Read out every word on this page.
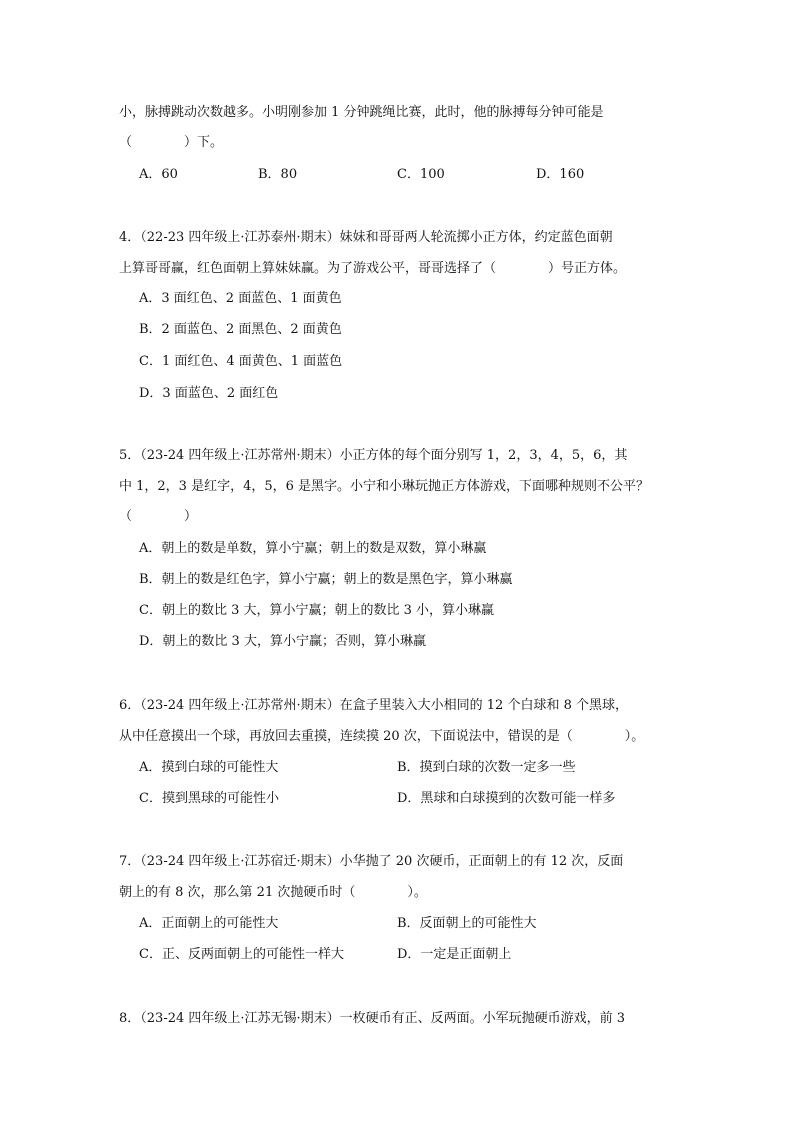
小，脉搏跳动次数越多。小明刚参加 1 分钟跳绳比赛，此时，他的脉搏每分钟可能是
（　　　　）下。
A．60	B．80	C．100	D．160
4．（22-23 四年级上·江苏泰州·期末）妹妹和哥哥两人轮流掷小正方体，约定蓝色面朝
上算哥哥赢，红色面朝上算妹妹赢。为了游戏公平，哥哥选择了（　　　　）号正方体。
A．3 面红色、2 面蓝色、1 面黄色
B．2 面蓝色、2 面黑色、2 面黄色
C．1 面红色、4 面黄色、1 面蓝色
D．3 面蓝色、2 面红色
5．（23-24 四年级上·江苏常州·期末）小正方体的每个面分别写 1，2，3，4，5，6，其
中 1，2，3 是红字，4，5，6 是黑字。小宁和小琳玩抛正方体游戏，下面哪种规则不公平？
（　　　　）
A．朝上的数是单数，算小宁赢；朝上的数是双数，算小琳赢
B．朝上的数是红色字，算小宁赢；朝上的数是黑色字，算小琳赢
C．朝上的数比 3 大，算小宁赢；朝上的数比 3 小，算小琳赢
D．朝上的数比 3 大，算小宁赢；否则，算小琳赢
6．（23-24 四年级上·江苏常州·期末）在盒子里装入大小相同的 12 个白球和 8 个黑球，
从中任意摸出一个球，再放回去重摸，连续摸 20 次，下面说法中，错误的是（　　　　）。
A．摸到白球的可能性大	B．摸到白球的次数一定多一些
C．摸到黑球的可能性小	D．黑球和白球摸到的次数可能一样多
7．（23-24 四年级上·江苏宿迁·期末）小华抛了 20 次硬币，正面朝上的有 12 次，反面
朝上的有 8 次，那么第 21 次抛硬币时（　　　　）。
A．正面朝上的可能性大	B．反面朝上的可能性大
C．正、反两面朝上的可能性一样大	D．一定是正面朝上
8．（23-24 四年级上·江苏无锡·期末）一枚硬币有正、反两面。小军玩抛硬币游戏，前 3
